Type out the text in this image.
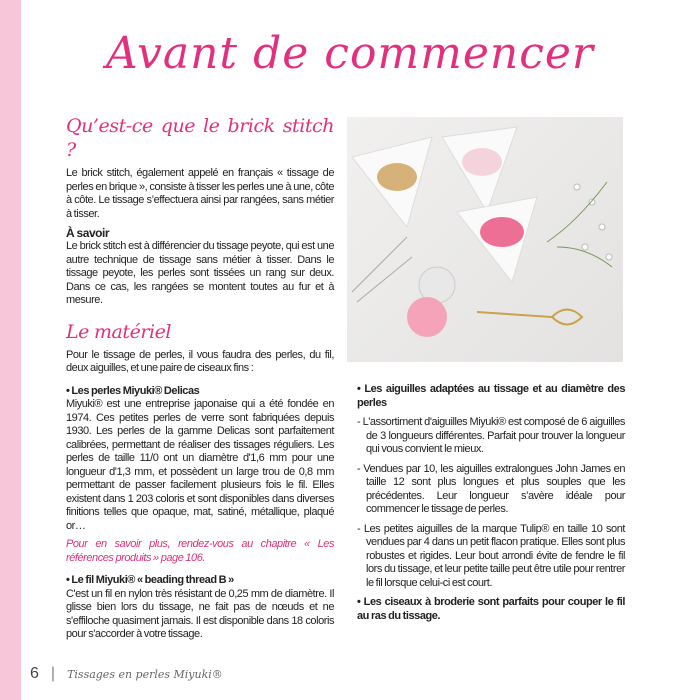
Avant de commencer
Qu’est-ce que le brick stitch ?

Le brick stitch, également appelé en français « tissage de perles en brique », consiste à tisser les perles une à une, côte à côte. Le tissage s’effectuera ainsi par rangées, sans métier à tisser.

À savoir

Le brick stitch est à différencier du tissage peyote, qui est une autre technique de tissage sans métier à tisser. Dans le tissage peyote, les perles sont tissées un rang sur deux. Dans ce cas, les rangées se montent toutes au fur et à mesure.

Le matériel

Pour le tissage de perles, il vous faudra des perles, du fil, deux aiguilles, et une paire de ciseaux fins :

• Les perles Miyuki® Delicas

Miyuki® est une entreprise japonaise qui a été fondée en 1974. Ces petites perles de verre sont fabriquées depuis 1930. Les perles de la gamme Delicas sont parfaitement calibrées, permettant de réaliser des tissages réguliers. Les perles de taille 11/0 ont un diamètre d'1,6 mm pour une longueur d'1,3 mm, et possèdent un large trou de 0,8 mm permettant de passer facilement plusieurs fois le fil. Elles existent dans 1 203 coloris et sont disponibles dans diverses finitions telles que opaque, mat, satiné, métallique, plaqué or…

Pour en savoir plus, rendez-vous au chapitre « Les références produits » page 106.

• Le fil Miyuki® « beading thread B »

C'est un fil en nylon très résistant de 0,25 mm de diamètre. Il glisse bien lors du tissage, ne fait pas de nœuds et ne s'effiloche quasiment jamais. Il est disponible dans 18 coloris pour s'accorder à votre tissage.

• Les aiguilles adaptées au tissage et au diamètre des perles

- L'assortiment d'aiguilles Miyuki® est composé de 6 aiguilles de 3 longueurs différentes. Parfait pour trouver la longueur qui vous convient le mieux.

- Vendues par 10, les aiguilles extralongues John James en taille 12 sont plus longues et plus souples que les précédentes. Leur longueur s’avère idéale pour commencer le tissage de perles.

- Les petites aiguilles de la marque Tulip® en taille 10 sont vendues par 4 dans un petit flacon pratique. Elles sont plus robustes et rigides. Leur bout arrondi évite de fendre le fil lors du tissage, et leur petite taille peut être utile pour rentrer le fil lorsque celui-ci est court.

• Les ciseaux à broderie sont parfaits pour couper le fil au ras du tissage.
6 | Tissages en perles Miyuki®
